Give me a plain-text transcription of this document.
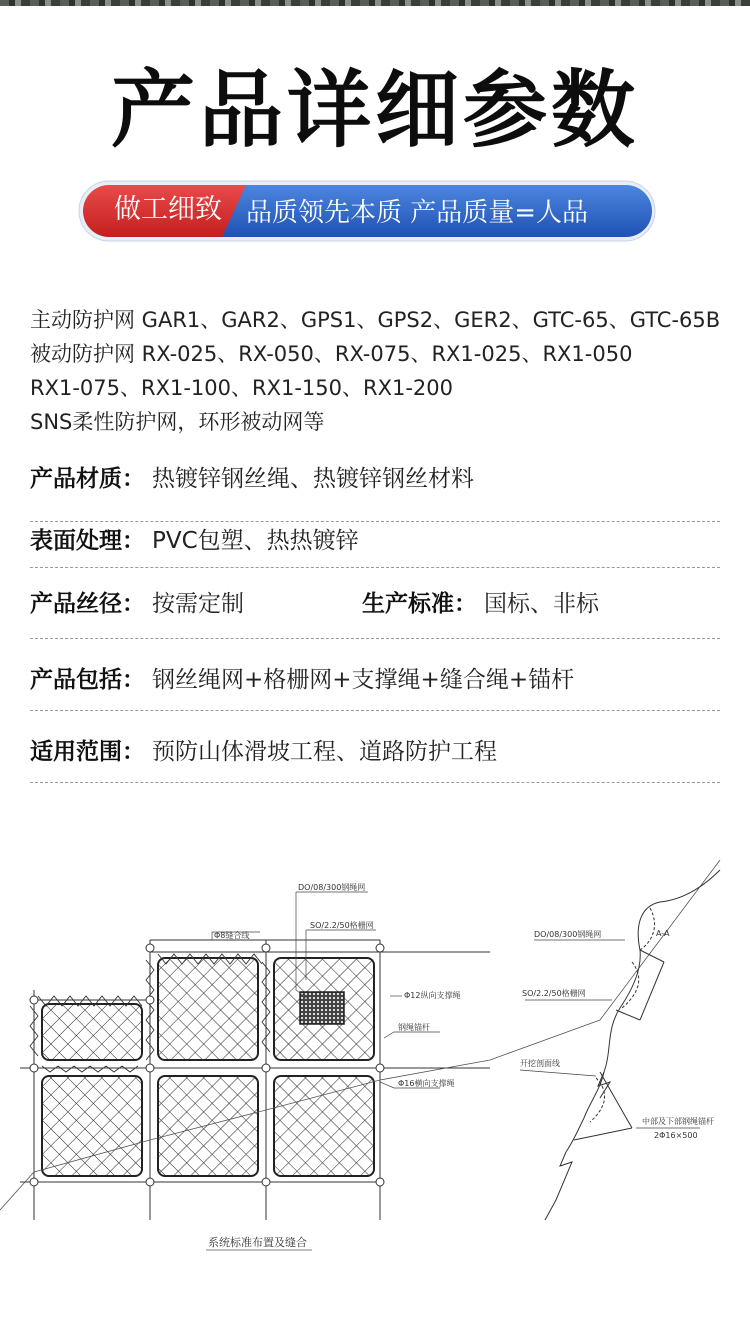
产品详细参数
做工细致 品质领先本质 产品质量=人品
主动防护网 GAR1、GAR2、GPS1、GPS2、GER2、GTC-65、GTC-65B
被动防护网 RX-025、RX-050、RX-075、RX1-025、RX1-050
RX1-075、RX1-100、RX1-150、RX1-200
SNS柔性防护网，环形被动网等
产品材质： 热镀锌钢丝绳、热镀锌钢丝材料
表面处理： PVC包塑、热热镀锌
产品丝径： 按需定制	生产标准： 国标、非标
产品包括： 钢丝绳网+格栅网+支撑绳+缝合绳+锚杆
适用范围： 预防山体滑坡工程、道路防护工程
DO/08/300钢绳网
SO/2.2/50格栅网
Φ8缝合线
Φ12纵向支撑绳
钢绳锚杆
Φ16横向支撑绳
系统标准布置及缝合
DO/08/300钢绳网
SO/2.2/50格栅网
A-A
开挖剖面线
中部及下部钢绳锚杆
2Φ16×500
